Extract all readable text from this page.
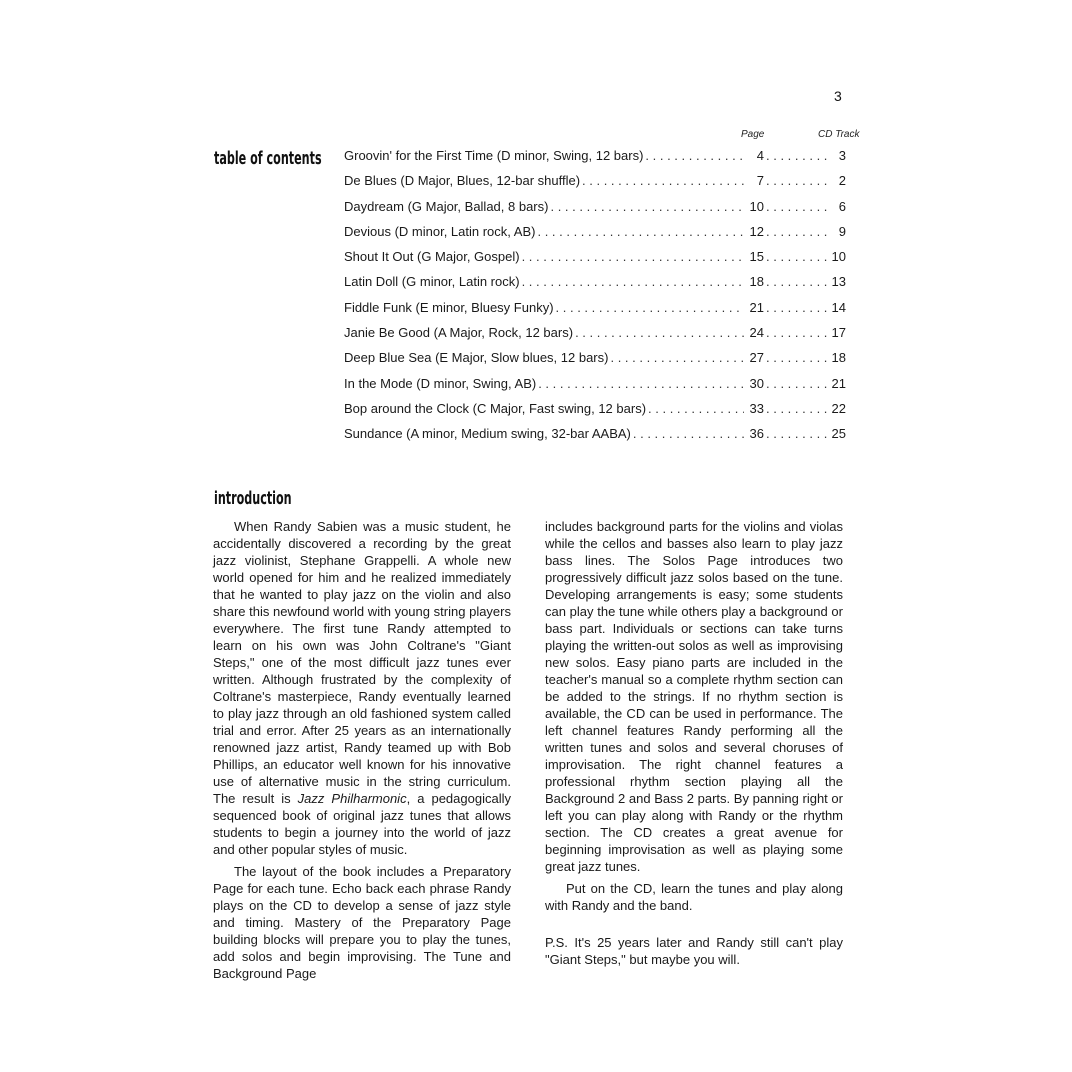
3
table of contents
Page	CD Track
Groovin' for the First Time (D minor, Swing, 12 bars) . . .	4 . . .	3
De Blues (D Major, Blues, 12-bar shuffle) . . .	7 . . .	2
Daydream (G Major, Ballad, 8 bars) . . .	10 . . .	6
Devious (D minor, Latin rock, AB) . . .	12 . . .	9
Shout It Out (G Major, Gospel) . . .	15 . . .	10
Latin Doll (G minor, Latin rock) . . .	18 . . .	13
Fiddle Funk (E minor, Bluesy Funky) . . .	21 . . .	14
Janie Be Good (A Major, Rock, 12 bars) . . .	24 . . .	17
Deep Blue Sea (E Major, Slow blues, 12 bars) . . .	27 . . .	18
In the Mode (D minor, Swing, AB) . . .	30 . . .	21
Bop around the Clock (C Major, Fast swing, 12 bars) . . .	33 . . .	22
Sundance (A minor, Medium swing, 32-bar AABA) . . .	36 . . .	25
introduction

When Randy Sabien was a music student, he accidentally discovered a recording by the great jazz violinist, Stephane Grappelli. A whole new world opened for him and he realized immediately that he wanted to play jazz on the violin and also share this newfound world with young string players everywhere. The first tune Randy attempted to learn on his own was John Coltrane's "Giant Steps," one of the most difficult jazz tunes ever written. Although frustrated by the complexity of Coltrane's masterpiece, Randy eventually learned to play jazz through an old fashioned system called trial and error. After 25 years as an internationally renowned jazz artist, Randy teamed up with Bob Phillips, an educator well known for his innovative use of alternative music in the string curriculum. The result is Jazz Philharmonic, a pedagogically sequenced book of original jazz tunes that allows students to begin a journey into the world of jazz and other popular styles of music.

The layout of the book includes a Preparatory Page for each tune. Echo back each phrase Randy plays on the CD to develop a sense of jazz style and timing. Mastery of the Preparatory Page building blocks will prepare you to play the tunes, add solos and begin improvising. The Tune and Background Page

includes background parts for the violins and violas while the cellos and basses also learn to play jazz bass lines. The Solos Page introduces two progressively difficult jazz solos based on the tune. Developing arrangements is easy; some students can play the tune while others play a background or bass part. Individuals or sections can take turns playing the written-out solos as well as improvising new solos. Easy piano parts are included in the teacher's manual so a complete rhythm section can be added to the strings. If no rhythm section is available, the CD can be used in performance. The left channel features Randy performing all the written tunes and solos and several choruses of improvisation. The right channel features a professional rhythm section playing all the Background 2 and Bass 2 parts. By panning right or left you can play along with Randy or the rhythm section. The CD creates a great avenue for beginning improvisation as well as playing some great jazz tunes.

Put on the CD, learn the tunes and play along with Randy and the band.

P.S. It's 25 years later and Randy still can't play "Giant Steps," but maybe you will.
